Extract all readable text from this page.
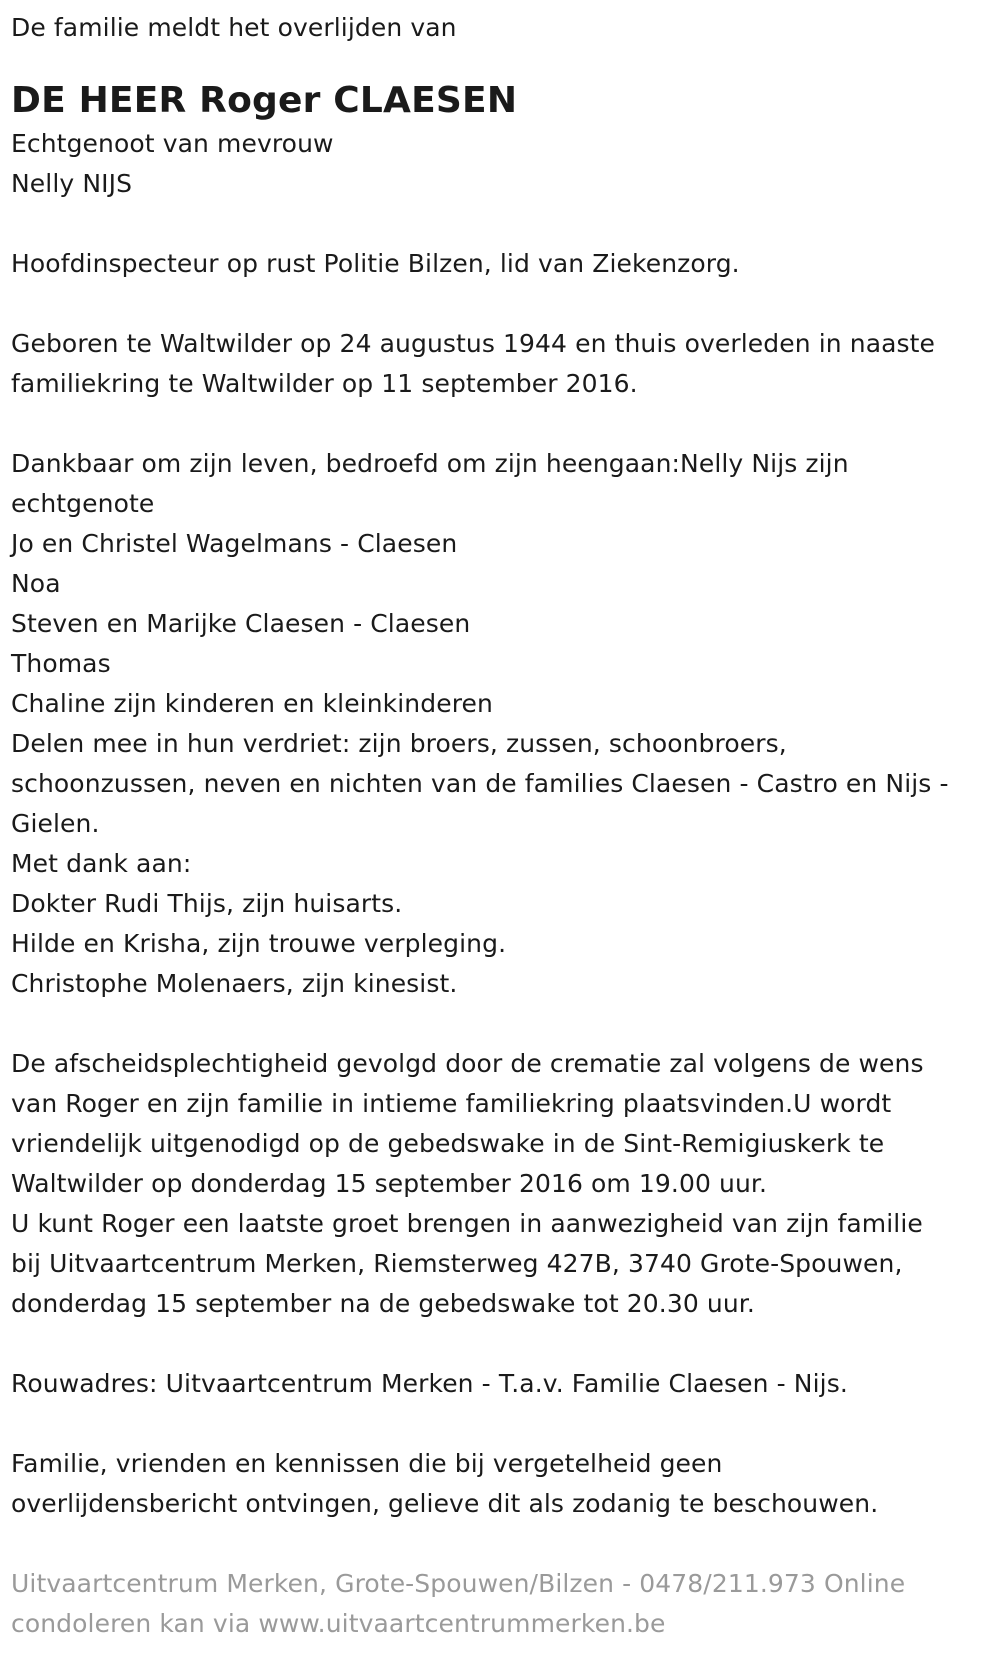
De familie meldt het overlijden van
DE HEER Roger CLAESEN
Echtgenoot van mevrouw
Nelly NIJS
Hoofdinspecteur op rust Politie Bilzen, lid van Ziekenzorg.
Geboren te Waltwilder op 24 augustus 1944 en thuis overleden in naaste
familiekring te Waltwilder op 11 september 2016.
Dankbaar om zijn leven, bedroefd om zijn heengaan:Nelly Nijs zijn
echtgenote
Jo en Christel Wagelmans - Claesen
Noa
Steven en Marijke Claesen - Claesen
Thomas
Chaline zijn kinderen en kleinkinderen
Delen mee in hun verdriet: zijn broers, zussen, schoonbroers,
schoonzussen, neven en nichten van de families Claesen - Castro en Nijs -
Gielen.
Met dank aan:
Dokter Rudi Thijs, zijn huisarts.
Hilde en Krisha, zijn trouwe verpleging.
Christophe Molenaers, zijn kinesist.
De afscheidsplechtigheid gevolgd door de crematie zal volgens de wens
van Roger en zijn familie in intieme familiekring plaatsvinden.U wordt
vriendelijk uitgenodigd op de gebedswake in de Sint-Remigiuskerk te
Waltwilder op donderdag 15 september 2016 om 19.00 uur.
U kunt Roger een laatste groet brengen in aanwezigheid van zijn familie
bij Uitvaartcentrum Merken, Riemsterweg 427B, 3740 Grote-Spouwen,
donderdag 15 september na de gebedswake tot 20.30 uur.
Rouwadres: Uitvaartcentrum Merken - T.a.v. Familie Claesen - Nijs.
Familie, vrienden en kennissen die bij vergetelheid geen
overlijdensbericht ontvingen, gelieve dit als zodanig te beschouwen.
Uitvaartcentrum Merken, Grote-Spouwen/Bilzen - 0478/211.973 Online
condoleren kan via www.uitvaartcentrummerken.be
